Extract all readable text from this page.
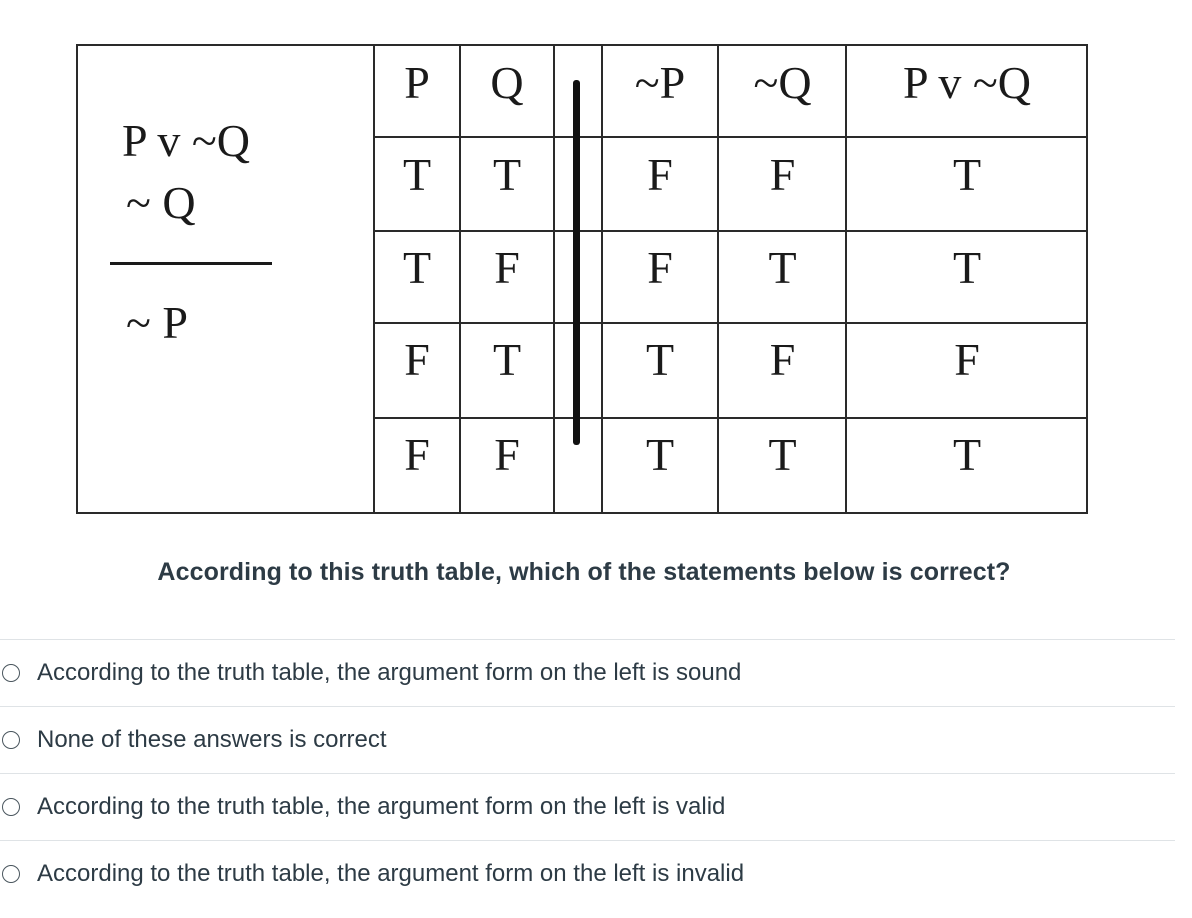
P v ~Q
~ Q
~ P
P	Q	~P	~Q	P v ~Q
T	T	F	F	T
T	F	F	T	T
F	T	T	F	F
F	F	T	T	T
According to this truth table, which of the statements below is correct?
According to the truth table, the argument form on the left is sound
None of these answers is correct
According to the truth table, the argument form on the left is valid
According to the truth table, the argument form on the left is invalid
